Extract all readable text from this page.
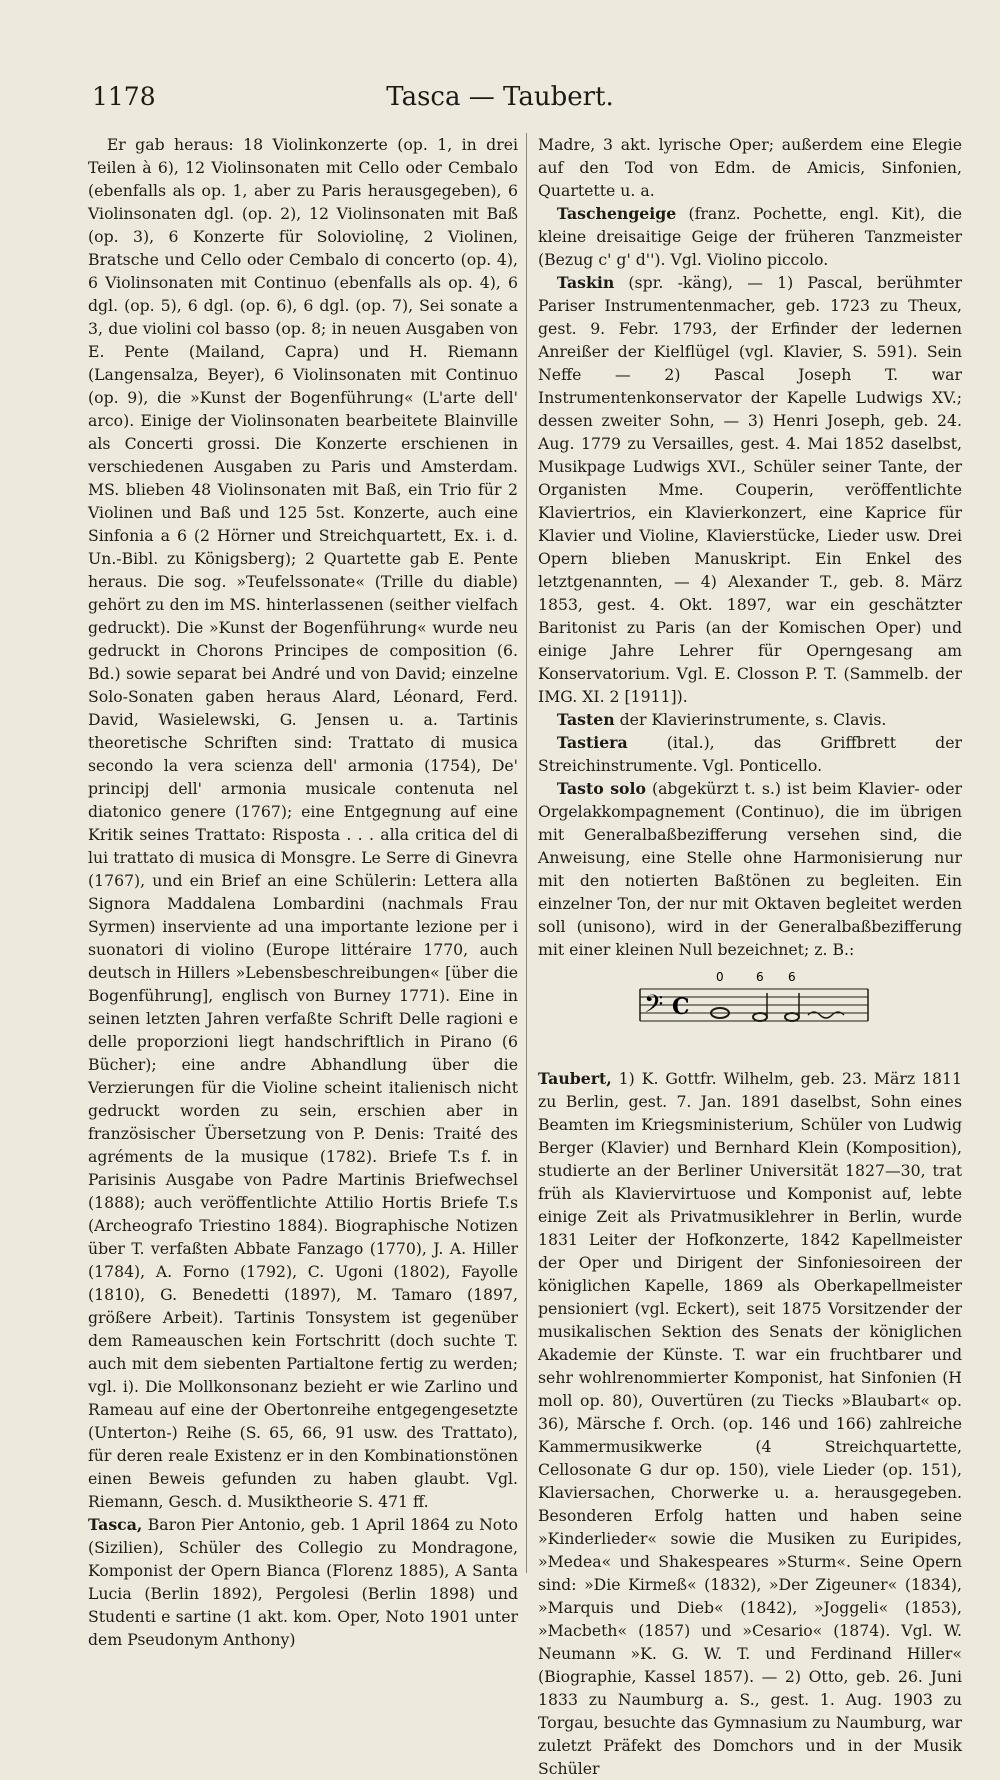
1178	Tasca — Taubert.

Er gab heraus: 18 Violinkonzerte (op. 1, in drei Teilen à 6), 12 Violinsonaten mit Cello oder Cembalo (ebenfalls als op. 1, aber zu Paris herausgegeben), 6 Violinsonaten dgl. (op. 2), 12 Violinsonaten mit Baß (op. 3), 6 Konzerte für Soloviolinę, 2 Violinen, Bratsche und Cello oder Cembalo di concerto (op. 4), 6 Violinsonaten mit Continuo (ebenfalls als op. 4), 6 dgl. (op. 5), 6 dgl. (op. 6), 6 dgl. (op. 7), Sei sonate a 3, due violini col basso (op. 8; in neuen Ausgaben von E. Pente (Mailand, Capra) und H. Riemann (Langensalza, Beyer), 6 Violinsonaten mit Continuo (op. 9), die »Kunst der Bogenführung« (L'arte dell' arco). Einige der Violinsonaten bearbeitete Blainville als Concerti grossi. Die Konzerte erschienen in verschiedenen Ausgaben zu Paris und Amsterdam. MS. blieben 48 Violinsonaten mit Baß, ein Trio für 2 Violinen und Baß und 125 5st. Konzerte, auch eine Sinfonia a 6 (2 Hörner und Streichquartett, Ex. i. d. Un.-Bibl. zu Königsberg); 2 Quartette gab E. Pente heraus. Die sog. »Teufelssonate« (Trille du diable) gehört zu den im MS. hinterlassenen (seither vielfach gedruckt). Die »Kunst der Bogenführung« wurde neu gedruckt in Chorons Principes de composition (6. Bd.) sowie separat bei André und von David; einzelne Solo-Sonaten gaben heraus Alard, Léonard, Ferd. David, Wasielewski, G. Jensen u. a. Tartinis theoretische Schriften sind: Trattato di musica secondo la vera scienza dell' armonia (1754), De' principj dell' armonia musicale contenuta nel diatonico genere (1767); eine Entgegnung auf eine Kritik seines Trattato: Risposta . . . alla critica del di lui trattato di musica di Monsgre. Le Serre di Ginevra (1767), und ein Brief an eine Schülerin: Lettera alla Signora Maddalena Lombardini (nachmals Frau Syrmen) inserviente ad una importante lezione per i suonatori di violino (Europe littéraire 1770, auch deutsch in Hillers »Lebensbeschreibungen« [über die Bogenführung], englisch von Burney 1771). Eine in seinen letzten Jahren verfaßte Schrift Delle ragioni e delle proporzioni liegt handschriftlich in Pirano (6 Bücher); eine andre Abhandlung über die Verzierungen für die Violine scheint italienisch nicht gedruckt worden zu sein, erschien aber in französischer Übersetzung von P. Denis: Traité des agréments de la musique (1782). Briefe T.s f. in Parisinis Ausgabe von Padre Martinis Briefwechsel (1888); auch veröffentlichte Attilio Hortis Briefe T.s (Archeografo Triestino 1884). Biographische Notizen über T. verfaßten Abbate Fanzago (1770), J. A. Hiller (1784), A. Forno (1792), C. Ugoni (1802), Fayolle (1810), G. Benedetti (1897), M. Tamaro (1897, größere Arbeit). Tartinis Tonsystem ist gegenüber dem Rameauschen kein Fortschritt (doch suchte T. auch mit dem siebenten Partialtone fertig zu werden; vgl. i). Die Mollkonsonanz bezieht er wie Zarlino und Rameau auf eine der Obertonreihe entgegengesetzte (Unterton-) Reihe (S. 65, 66, 91 usw. des Trattato), für deren reale Existenz er in den Kombinationstönen einen Beweis gefunden zu haben glaubt. Vgl. Riemann, Gesch. d. Musiktheorie S. 471 ff.

Tasca, Baron Pier Antonio, geb. 1 April 1864 zu Noto (Sizilien), Schüler des Collegio zu Mondragone, Komponist der Opern Bianca (Florenz 1885), A Santa Lucia (Berlin 1892), Pergolesi (Berlin 1898) und Studenti e sartine (1 akt. kom. Oper, Noto 1901 unter dem Pseudonym Anthony)

Madre, 3 akt. lyrische Oper; außerdem eine Elegie auf den Tod von Edm. de Amicis, Sinfonien, Quartette u. a.

Taschengeige (franz. Pochette, engl. Kit), die kleine dreisaitige Geige der früheren Tanzmeister (Bezug c' g' d''). Vgl. Violino piccolo.

Taskin (spr. -käng), — 1) Pascal, berühmter Pariser Instrumentenmacher, geb. 1723 zu Theux, gest. 9. Febr. 1793, der Erfinder der ledernen Anreißer der Kielflügel (vgl. Klavier, S. 591). Sein Neffe — 2) Pascal Joseph T. war Instrumentenkonservator der Kapelle Ludwigs XV.; dessen zweiter Sohn, — 3) Henri Joseph, geb. 24. Aug. 1779 zu Versailles, gest. 4. Mai 1852 daselbst, Musikpage Ludwigs XVI., Schüler seiner Tante, der Organisten Mme. Couperin, veröffentlichte Klaviertrios, ein Klavierkonzert, eine Kaprice für Klavier und Violine, Klavierstücke, Lieder usw. Drei Opern blieben Manuskript. Ein Enkel des letztgenannten, — 4) Alexander T., geb. 8. März 1853, gest. 4. Okt. 1897, war ein geschätzter Baritonist zu Paris (an der Komischen Oper) und einige Jahre Lehrer für Operngesang am Konservatorium. Vgl. E. Closson P. T. (Sammelb. der IMG. XI. 2 [1911]).

Tasten der Klavierinstrumente, s. Clavis.

Tastiera (ital.), das Griffbrett der Streichinstrumente. Vgl. Ponticello.

Tasto solo (abgekürzt t. s.) ist beim Klavier- oder Orgelakkompagnement (Continuo), die im übrigen mit Generalbaßbezifferung versehen sind, die Anweisung, eine Stelle ohne Harmonisierung nur mit den notierten Baßtönen zu begleiten. Ein einzelner Ton, der nur mit Oktaven begleitet werden soll (unisono), wird in der Generalbaßbezifferung mit einer kleinen Null bezeichnet; z. B.:

𝄢 C
0	6 6

Taubert, 1) K. Gottfr. Wilhelm, geb. 23. März 1811 zu Berlin, gest. 7. Jan. 1891 daselbst, Sohn eines Beamten im Kriegsministerium, Schüler von Ludwig Berger (Klavier) und Bernhard Klein (Komposition), studierte an der Berliner Universität 1827—30, trat früh als Klaviervirtuose und Komponist auf, lebte einige Zeit als Privatmusiklehrer in Berlin, wurde 1831 Leiter der Hofkonzerte, 1842 Kapellmeister der Oper und Dirigent der Sinfoniesoireen der königlichen Kapelle, 1869 als Oberkapellmeister pensioniert (vgl. Eckert), seit 1875 Vorsitzender der musikalischen Sektion des Senats der königlichen Akademie der Künste. T. war ein fruchtbarer und sehr wohlrenommierter Komponist, hat Sinfonien (H moll op. 80), Ouvertüren (zu Tiecks »Blaubart« op. 36), Märsche f. Orch. (op. 146 und 166) zahlreiche Kammermusikwerke (4 Streichquartette, Cellosonate G dur op. 150), viele Lieder (op. 151), Klaviersachen, Chorwerke u. a. herausgegeben. Besonderen Erfolg hatten und haben seine »Kinderlieder« sowie die Musiken zu Euripides, »Medea« und Shakespeares »Sturm«. Seine Opern sind: »Die Kirmeß« (1832), »Der Zigeuner« (1834), »Marquis und Dieb« (1842), »Joggeli« (1853), »Macbeth« (1857) und »Cesario« (1874). Vgl. W. Neumann »K. G. W. T. und Ferdinand Hiller« (Biographie, Kassel 1857). — 2) Otto, geb. 26. Juni 1833 zu Naumburg a. S., gest. 1. Aug. 1903 zu Torgau, besuchte das Gymnasium zu Naumburg, war zuletzt Präfekt des Domchors und in der Musik Schüler
